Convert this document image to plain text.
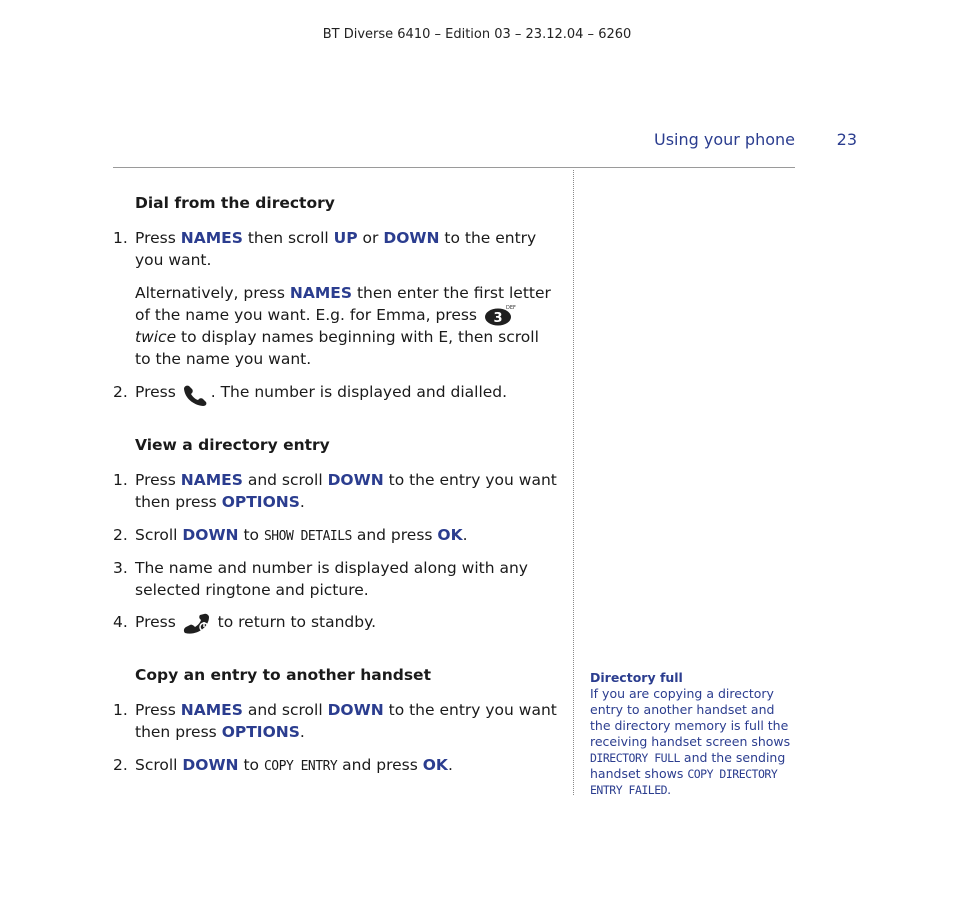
BT Diverse 6410 – Edition 03 – 23.12.04 – 6260
Using your phone	23
Dial from the directory
1. Press NAMES then scroll UP or DOWN to the entry you want.
Alternatively, press NAMES then enter the first letter of the name you want. E.g. for Emma, press 3
DEF
twice to display names beginning with E, then scroll to the name you want.
2. Press . The number is displayed and dialled.
View a directory entry
1. Press NAMES and scroll DOWN to the entry you want then press OPTIONS.
2. Scroll DOWN to SHOW DETAILS and press OK.
3. The name and number is displayed along with any selected ringtone and picture.
4. Press  to return to standby.
Copy an entry to another handset
1. Press NAMES and scroll DOWN to the entry you want then press OPTIONS.
2. Scroll DOWN to COPY ENTRY and press OK.
Directory full
If you are copying a directory entry to another handset and the directory memory is full the receiving handset screen shows DIRECTORY FULL and the sending handset shows COPY DIRECTORY ENTRY FAILED.
